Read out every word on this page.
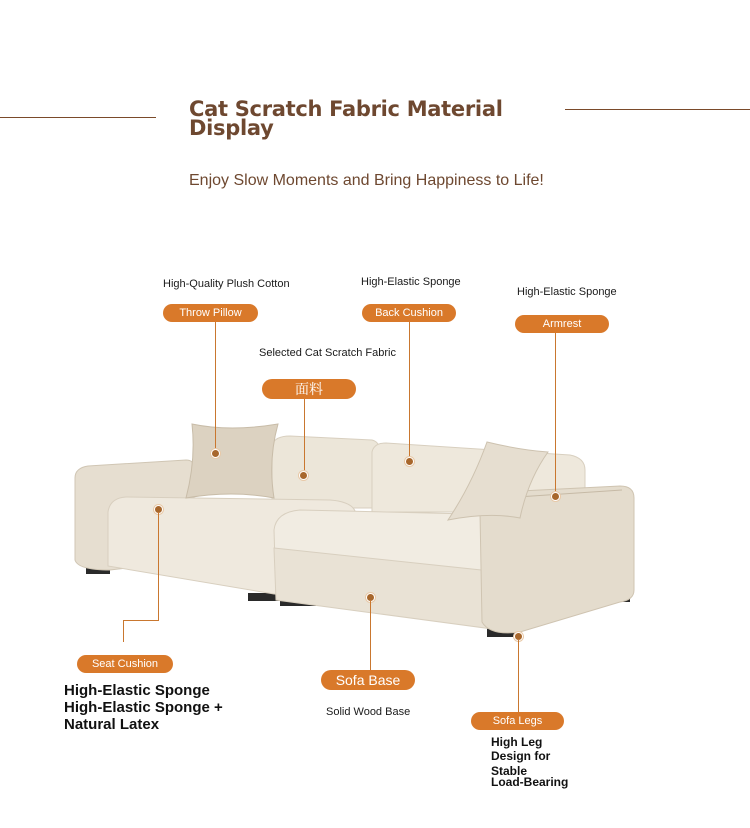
Cat Scratch Fabric Material Display
Enjoy Slow Moments and Bring Happiness to Life!
High-Quality Plush Cotton
Throw Pillow
Selected Cat Scratch Fabric
面料
High-Elastic Sponge
Back Cushion
High-Elastic Sponge
Armrest
Seat Cushion
High-Elastic Sponge
High-Elastic Sponge +
Natural Latex
Sofa Base
Solid Wood Base
Sofa Legs
High Leg
Design for
Stable
Load-Bearing
